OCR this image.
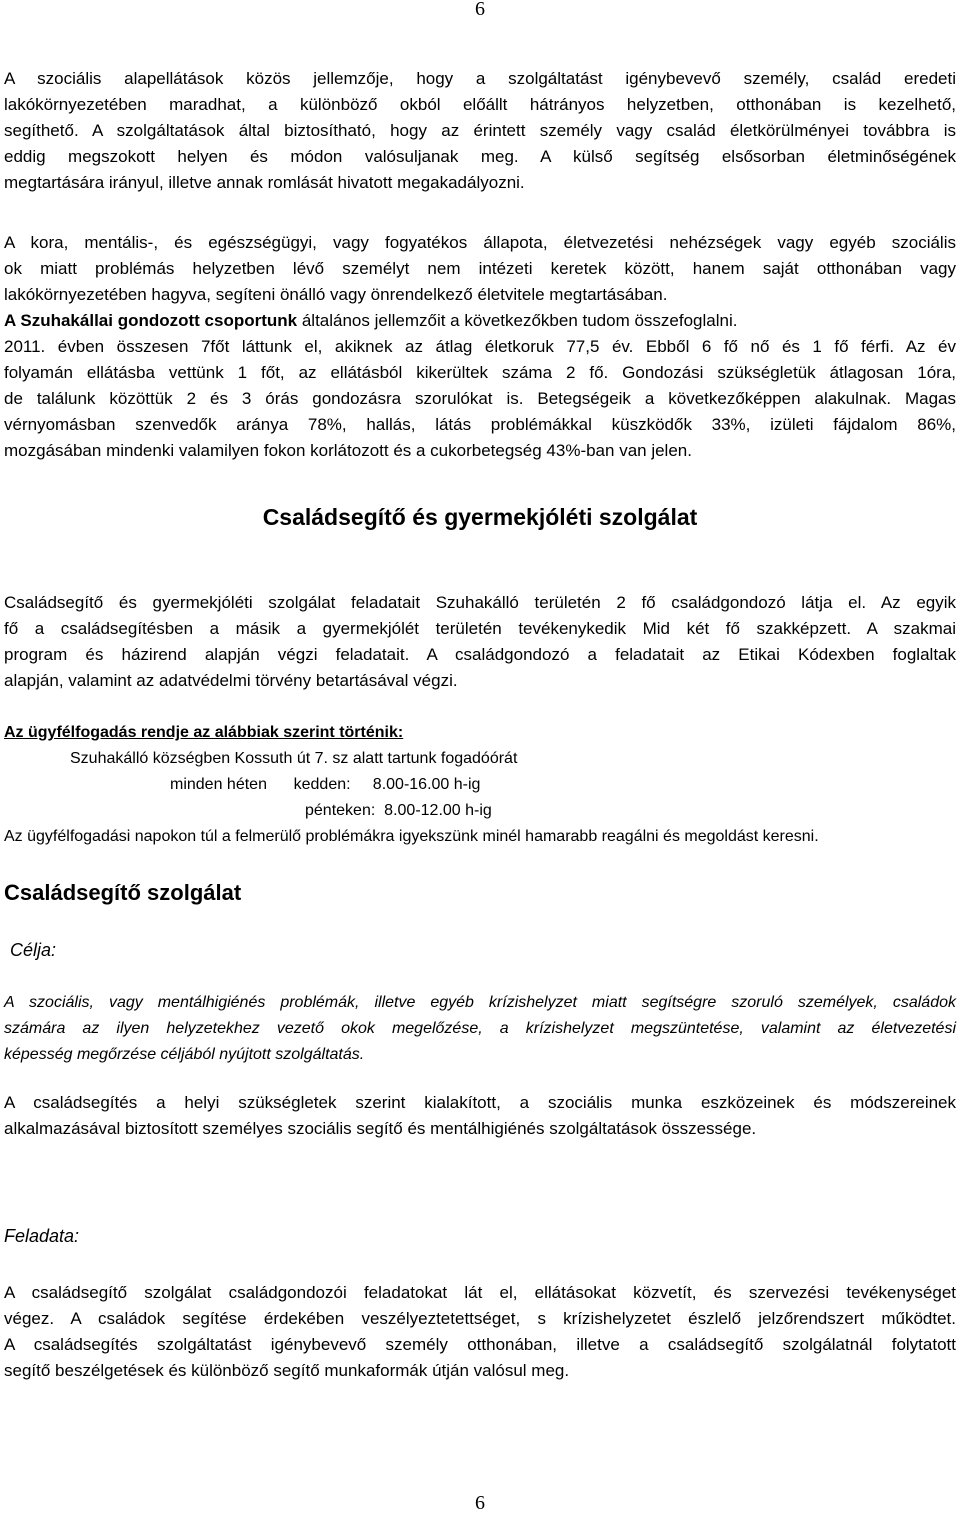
6
A szociális alapellátások közös jellemzője, hogy a szolgáltatást igénybevevő személy, család eredeti
lakókörnyezetében maradhat, a különböző okból előállt hátrányos helyzetben, otthonában is kezelhető,
segíthető. A szolgáltatások által biztosítható, hogy az érintett személy vagy család életkörülményei továbbra is
eddig megszokott helyen és módon valósuljanak meg. A külső segítség elsősorban életminőségének
megtartására irányul, illetve annak romlását hivatott megakadályozni.
A kora, mentális-, és egészségügyi, vagy fogyatékos állapota, életvezetési nehézségek vagy egyéb szociális
ok miatt problémás helyzetben lévő személyt nem intézeti keretek között, hanem saját otthonában vagy
lakókörnyezetében hagyva, segíteni önálló vagy önrendelkező életvitele megtartásában.
A Szuhakállai gondozott csoportunk általános jellemzőit a következőkben tudom összefoglalni.
2011. évben összesen 7főt láttunk el, akiknek az átlag életkoruk 77,5 év. Ebből 6 fő nő és 1 fő férfi. Az év
folyamán ellátásba vettünk 1 főt, az ellátásból kikerültek száma 2 fő. Gondozási szükségletük átlagosan 1óra,
de találunk közöttük 2 és 3 órás gondozásra szorulókat is. Betegségeik a következőképpen alakulnak. Magas
vérnyomásban szenvedők aránya 78%, hallás, látás problémákkal küszködők 33%, izületi fájdalom 86%,
mozgásában mindenki valamilyen fokon korlátozott és a cukorbetegség 43%-ban van jelen.
Családsegítő és gyermekjóléti szolgálat
Családsegítő és gyermekjóléti szolgálat feladatait Szuhakálló területén 2 fő családgondozó látja el. Az egyik
fő a családsegítésben a másik a gyermekjólét területén tevékenykedik Mid két fő szakképzett. A szakmai
program és házirend alapján végzi feladatait. A családgondozó a feladatait az Etikai Kódexben foglaltak
alapján, valamint az adatvédelmi törvény betartásával végzi.
Az ügyfélfogadás rendje az alábbiak szerint történik:
Szuhakálló községben Kossuth út 7. sz alatt tartunk fogadóórát
minden héten      kedden:     8.00-16.00 h-ig
pénteken:  8.00-12.00 h-ig
Az ügyfélfogadási napokon túl a felmerülő problémákra igyekszünk minél hamarabb reagálni és megoldást keresni.
Családsegítő szolgálat
Célja:
A szociális, vagy mentálhigiénés problémák, illetve egyéb krízishelyzet miatt segítségre szoruló személyek, családok
számára az ilyen helyzetekhez vezető okok megelőzése, a krízishelyzet megszüntetése, valamint az életvezetési
képesség megőrzése céljából nyújtott szolgáltatás.
A családsegítés a helyi szükségletek szerint kialakított, a szociális munka eszközeinek és módszereinek
alkalmazásával biztosított személyes szociális segítő és mentálhigiénés szolgáltatások összessége.
Feladata:
A családsegítő szolgálat családgondozói feladatokat lát el, ellátásokat közvetít, és szervezési tevékenységet
végez. A családok segítése érdekében veszélyeztetettséget, s krízishelyzetet észlelő jelzőrendszert működtet.
A családsegítés szolgáltatást igénybevevő személy otthonában, illetve a családsegítő szolgálatnál folytatott
segítő beszélgetések és különböző segítő munkaformák útján valósul meg.
6
